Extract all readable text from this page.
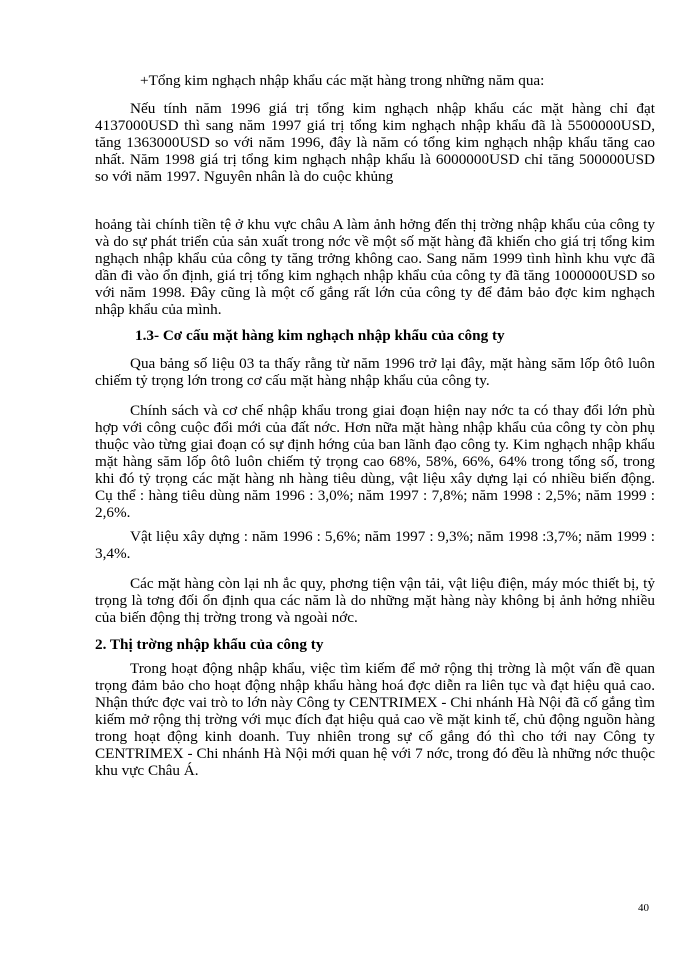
+Tổng kim nghạch nhập khẩu các mặt hàng trong những năm qua:

Nếu tính năm 1996 giá trị tổng kim nghạch nhập khẩu các mặt hàng chỉ đạt 4137000USD thì sang năm 1997 giá trị tổng kim nghạch nhập khẩu đã là 5500000USD, tăng 1363000USD so với năm 1996, đây là năm có tổng kim nghạch nhập khẩu tăng cao nhất. Năm 1998 giá trị tổng kim nghạch nhập khẩu là 6000000USD chỉ tăng 500000USD so với năm 1997. Nguyên nhân là do cuộc khủng

hoảng tài chính tiền tệ ở khu vực châu A làm ảnh hởng đến thị trờng nhập khẩu của công ty và do sự phát triển của sản xuất trong nớc về một số mặt hàng đã khiến cho giá trị tổng kim nghạch nhập khẩu của công ty tăng trởng không cao. Sang năm 1999 tình hình khu vực đã dần đi vào ổn định, giá trị tổng kim nghạch nhập khẩu của công ty đã tăng 1000000USD so với năm 1998. Đây cũng là một cố gắng rất lớn của công ty để đảm bảo đợc kim nghạch nhập khẩu của mình.

1.3- Cơ cấu mặt hàng kim nghạch nhập khẩu của công ty

Qua bảng số liệu 03 ta thấy rằng từ năm 1996 trở lại đây, mặt hàng săm lốp ôtô luôn chiếm tỷ trọng lớn trong cơ cấu mặt hàng nhập khẩu của công ty.

Chính sách và cơ chế nhập khẩu trong giai đoạn hiện nay nớc ta có thay đổi lớn phù hợp với công cuộc đổi mới của đất nớc. Hơn nữa mặt hàng nhập khẩu của công ty còn phụ thuộc vào từng giai đoạn có sự định hớng của ban lãnh đạo công ty. Kim nghạch nhập khẩu mặt hàng săm lốp ôtô luôn chiếm tỷ trọng cao 68%, 58%, 66%, 64% trong tổng số, trong khi đó tỷ trọng các mặt hàng nh hàng tiêu dùng, vật liệu xây dựng lại có nhiều biến động. Cụ thể : hàng tiêu dùng năm 1996 : 3,0%; năm 1997 : 7,8%; năm 1998 : 2,5%; năm 1999 : 2,6%.

Vật liệu xây dựng : năm 1996 : 5,6%; năm 1997 : 9,3%; năm 1998 :3,7%; năm 1999 : 3,4%.

Các mặt hàng còn lại nh ắc quy, phơng tiện vận tải, vật liệu điện, máy móc thiết bị, tỷ trọng là tơng đối ổn định qua các năm là do những mặt hàng này không bị ảnh hởng nhiều của biến động thị trờng trong và ngoài nớc.

2. Thị trờng nhập khẩu của công ty

Trong hoạt động nhập khẩu, việc tìm kiếm để mở rộng thị trờng là một vấn đề quan trọng đảm bảo cho hoạt động nhập khẩu hàng hoá đợc diễn ra liên tục và đạt hiệu quả cao. Nhận thức đợc vai trò to lớn này Công ty CENTRIMEX - Chi nhánh Hà Nội đã cố gắng tìm kiếm mở rộng thị trờng với mục đích đạt hiệu quả cao về mặt kinh tế, chủ động nguồn hàng trong hoạt động kinh doanh. Tuy nhiên trong sự cố gắng đó thì cho tới nay Công ty CENTRIMEX - Chi nhánh Hà Nội mới quan hệ với 7 nớc, trong đó đều là những nớc thuộc khu vực Châu Á.

40
